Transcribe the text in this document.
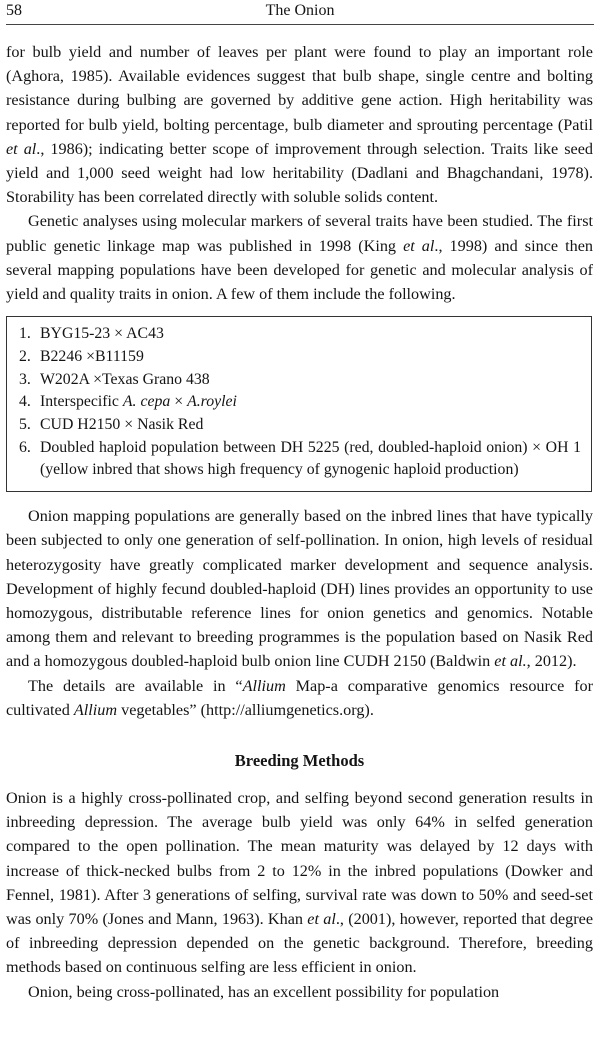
58	The Onion

for bulb yield and number of leaves per plant were found to play an important role (Aghora, 1985). Available evidences suggest that bulb shape, single centre and bolting resistance during bulbing are governed by additive gene action. High heritability was reported for bulb yield, bolting percentage, bulb diameter and sprouting percentage (Patil et al., 1986); indicating better scope of improvement through selection. Traits like seed yield and 1,000 seed weight had low heritability (Dadlani and Bhagchandani, 1978). Storability has been correlated directly with soluble solids content.

Genetic analyses using molecular markers of several traits have been studied. The first public genetic linkage map was published in 1998 (King et al., 1998) and since then several mapping populations have been developed for genetic and molecular analysis of yield and quality traits in onion. A few of them include the following.

1. BYG15-23 × AC43
2. B2246 ×B11159
3. W202A ×Texas Grano 438
4. Interspecific A. cepa × A.roylei
5. CUD H2150 × Nasik Red
6. Doubled haploid population between DH 5225 (red, doubled-haploid onion) × OH 1 (yellow inbred that shows high frequency of gynogenic haploid production)

Onion mapping populations are generally based on the inbred lines that have typically been subjected to only one generation of self-pollination. In onion, high levels of residual heterozygosity have greatly complicated marker development and sequence analysis. Development of highly fecund doubled-haploid (DH) lines provides an opportunity to use homozygous, distributable reference lines for onion genetics and genomics. Notable among them and relevant to breeding programmes is the population based on Nasik Red and a homozygous doubled-haploid bulb onion line CUDH 2150 (Baldwin et al., 2012).

The details are available in “Allium Map-a comparative genomics resource for cultivated Allium vegetables” (http://alliumgenetics.org).

Breeding Methods

Onion is a highly cross-pollinated crop, and selfing beyond second generation results in inbreeding depression. The average bulb yield was only 64% in selfed generation compared to the open pollination. The mean maturity was delayed by 12 days with increase of thick-necked bulbs from 2 to 12% in the inbred populations (Dowker and Fennel, 1981). After 3 generations of selfing, survival rate was down to 50% and seed-set was only 70% (Jones and Mann, 1963). Khan et al., (2001), however, reported that degree of inbreeding depression depended on the genetic background. Therefore, breeding methods based on continuous selfing are less efficient in onion.

Onion, being cross-pollinated, has an excellent possibility for population
